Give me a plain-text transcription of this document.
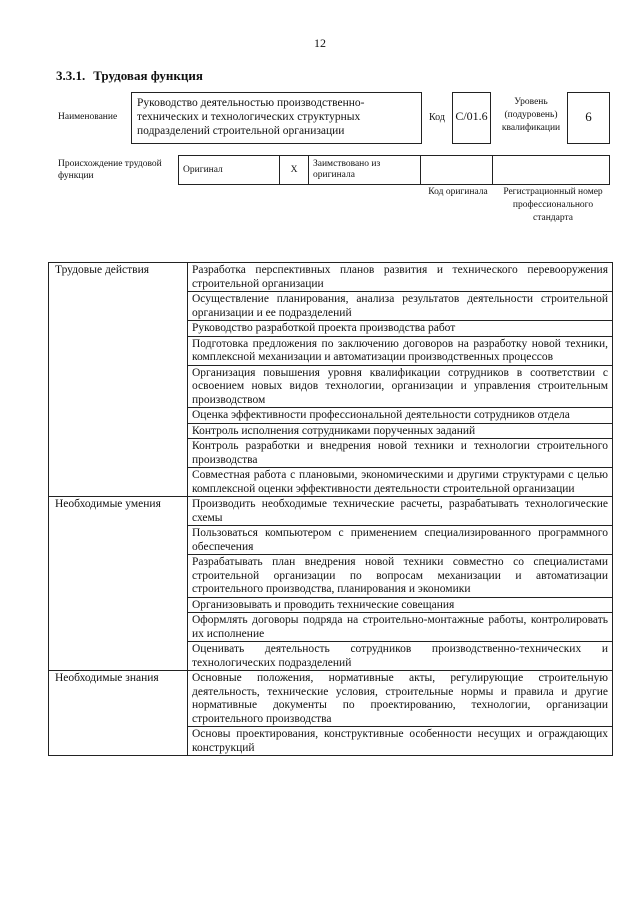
12
3.3.1. Трудовая функция
Наименование
Руководство деятельностью производственно-технических и технологических структурных подразделений строительной организации
Код С/01.6
Уровень (подуровень) квалификации
6
Происхождение трудовой функции
Оригинал	Х	Заимствовано из оригинала		
Код оригинала	Регистрационный номер профессионального стандарта
Трудовые действия	Разработка перспективных планов развития и технического перевооружения строительной организации
	Осуществление планирования, анализа результатов деятельности строительной организации и ее подразделений
	Руководство разработкой проекта производства работ
	Подготовка предложения по заключению договоров на разработку новой техники, комплексной механизации и автоматизации производственных процессов
	Организация повышения уровня квалификации сотрудников в соответствии с освоением новых видов технологии, организации и управления строительным производством
	Оценка эффективности профессиональной деятельности сотрудников отдела
	Контроль исполнения сотрудниками порученных заданий
	Контроль разработки и внедрения новой техники и технологии строительного производства
	Совместная работа с плановыми, экономическими и другими структурами с целью комплексной оценки эффективности деятельности строительной организации
Необходимые умения	Производить необходимые технические расчеты, разрабатывать технологические схемы
	Пользоваться компьютером с применением специализированного программного обеспечения
	Разрабатывать план внедрения новой техники совместно со специалистами строительной организации по вопросам механизации и автоматизации строительного производства, планирования и экономики
	Организовывать и проводить технические совещания
	Оформлять договоры подряда на строительно-монтажные работы, контролировать их исполнение
	Оценивать деятельность сотрудников производственно-технических и технологических подразделений
Необходимые знания	Основные положения, нормативные акты, регулирующие строительную деятельность, технические условия, строительные нормы и правила и другие нормативные документы по проектированию, технологии, организации строительного производства
	Основы проектирования, конструктивные особенности несущих и ограждающих конструкций
